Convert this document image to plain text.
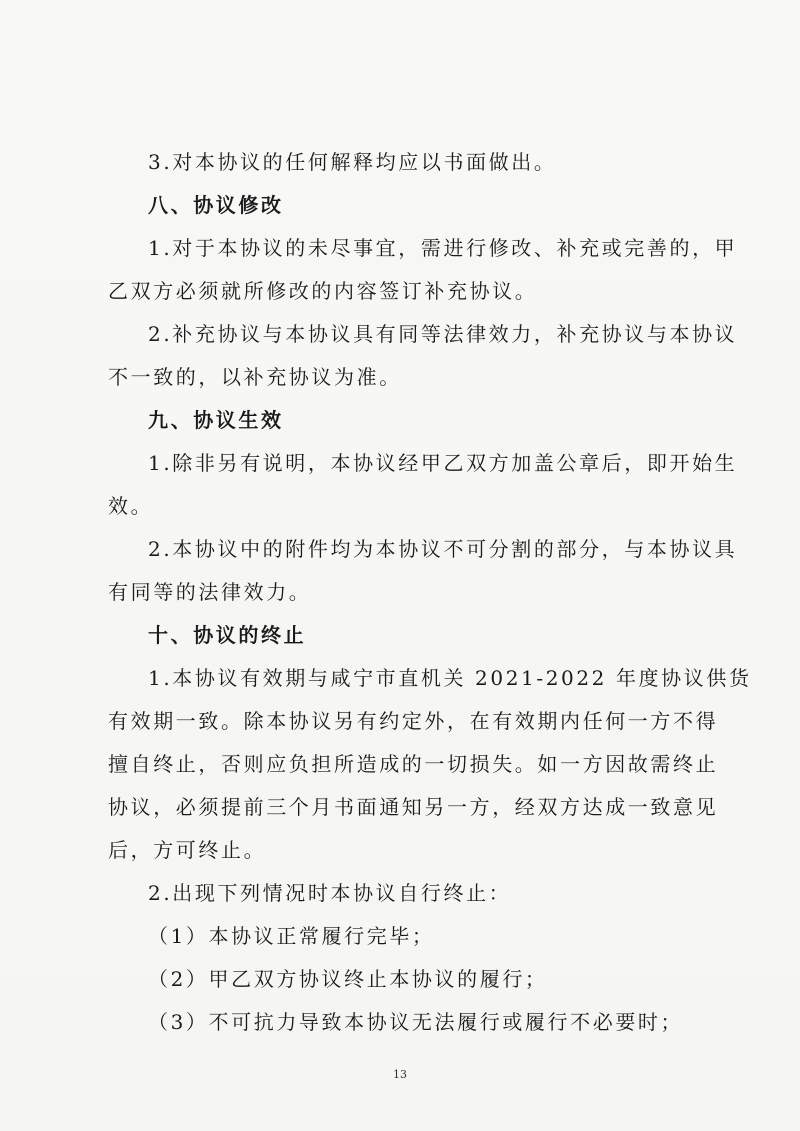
3.对本协议的任何解释均应以书面做出。
八、协议修改
1.对于本协议的未尽事宜，需进行修改、补充或完善的，甲
乙双方必须就所修改的内容签订补充协议。
2.补充协议与本协议具有同等法律效力，补充协议与本协议
不一致的，以补充协议为准。
九、协议生效
1.除非另有说明，本协议经甲乙双方加盖公章后，即开始生
效。
2.本协议中的附件均为本协议不可分割的部分，与本协议具
有同等的法律效力。
十、协议的终止
1.本协议有效期与咸宁市直机关 2021-2022 年度协议供货
有效期一致。除本协议另有约定外，在有效期内任何一方不得
擅自终止，否则应负担所造成的一切损失。如一方因故需终止
协议，必须提前三个月书面通知另一方，经双方达成一致意见
后，方可终止。
2.出现下列情况时本协议自行终止：
（1）本协议正常履行完毕；
（2）甲乙双方协议终止本协议的履行；
（3）不可抗力导致本协议无法履行或履行不必要时；
13
